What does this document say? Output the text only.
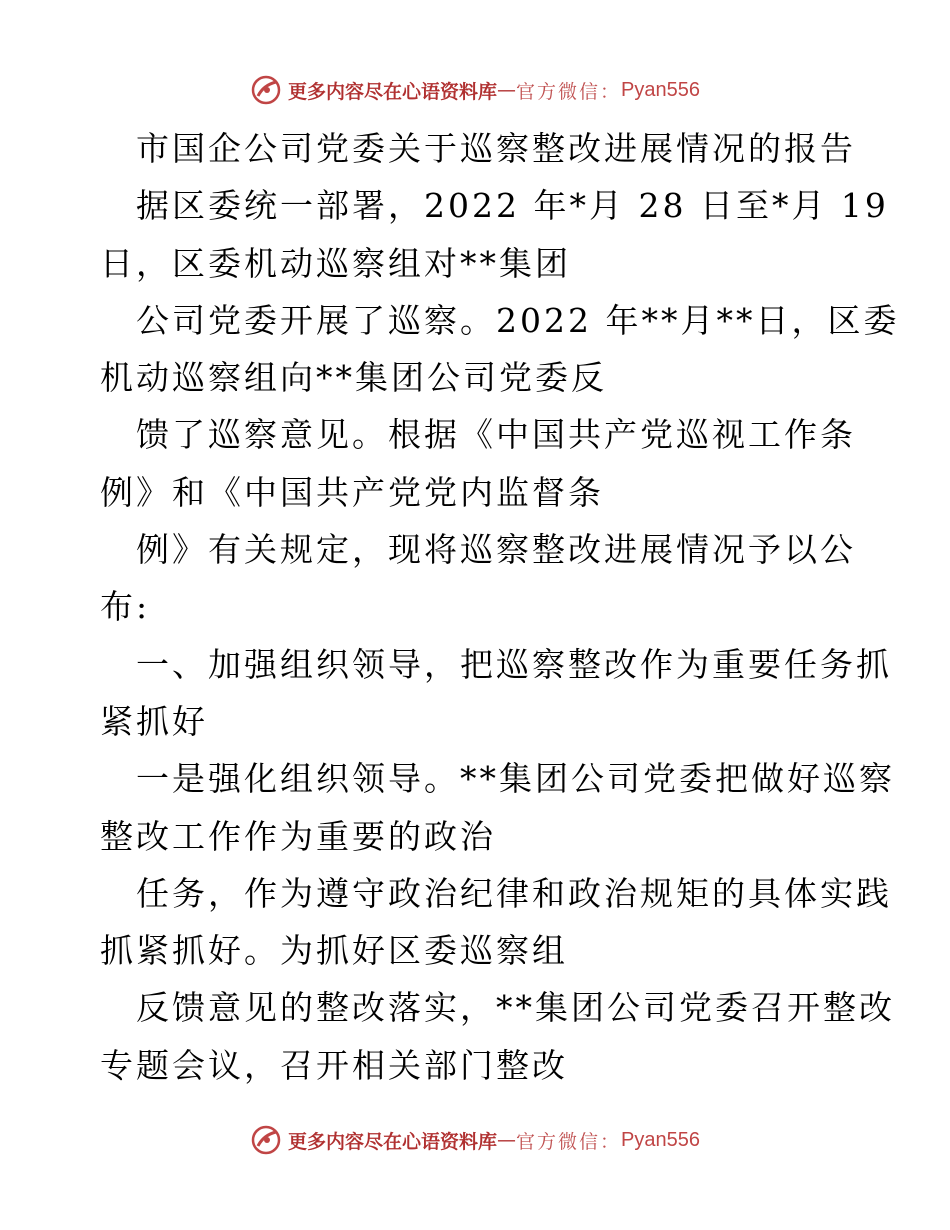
更多内容尽在心语资料库 — 官方微信： Pyan556
市国企公司党委关于巡察整改进展情况的报告
据区委统一部署，2022 年*月 28 日至*月 19
日，区委机动巡察组对**集团
公司党委开展了巡察。2022 年**月**日，区委
机动巡察组向**集团公司党委反
馈了巡察意见。根据《中国共产党巡视工作条
例》和《中国共产党党内监督条
例》有关规定，现将巡察整改进展情况予以公
布:
一、加强组织领导，把巡察整改作为重要任务抓
紧抓好
一是强化组织领导。**集团公司党委把做好巡察
整改工作作为重要的政治
任务，作为遵守政治纪律和政治规矩的具体实践
抓紧抓好。为抓好区委巡察组
反馈意见的整改落实，**集团公司党委召开整改
专题会议，召开相关部门整改
更多内容尽在心语资料库 — 官方微信： Pyan556
